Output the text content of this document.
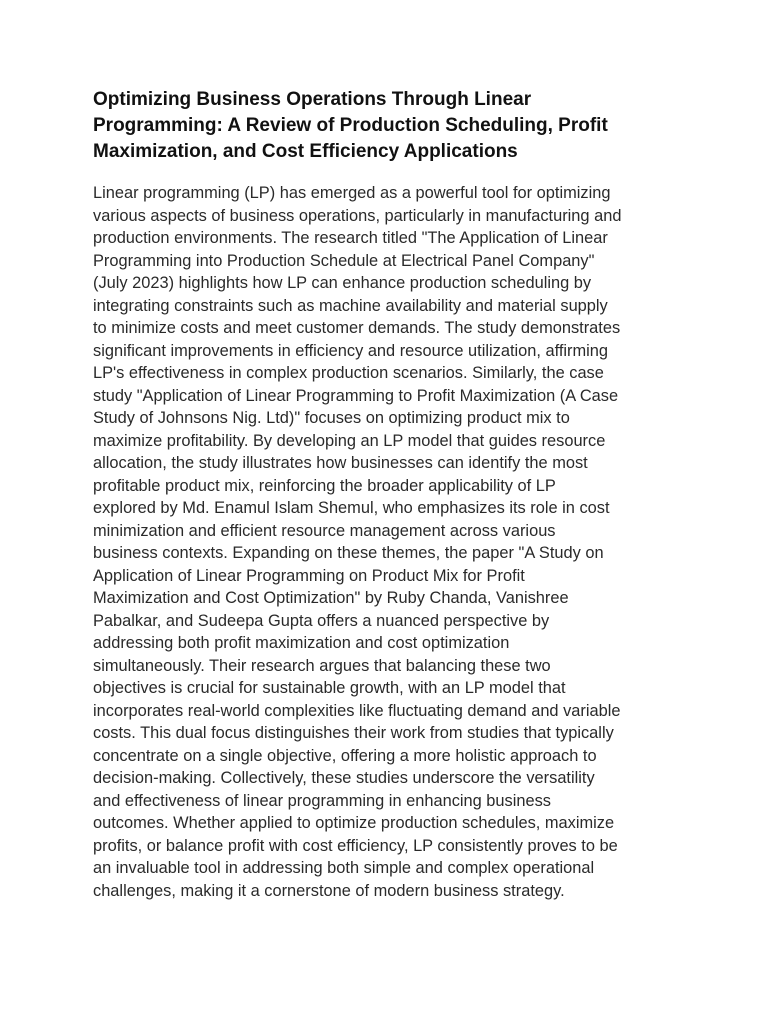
Optimizing Business Operations Through Linear
Programming: A Review of Production Scheduling, Profit
Maximization, and Cost Efficiency Applications

Linear programming (LP) has emerged as a powerful tool for optimizing
various aspects of business operations, particularly in manufacturing and
production environments. The research titled "The Application of Linear
Programming into Production Schedule at Electrical Panel Company"
(July 2023) highlights how LP can enhance production scheduling by
integrating constraints such as machine availability and material supply
to minimize costs and meet customer demands. The study demonstrates
significant improvements in efficiency and resource utilization, affirming
LP's effectiveness in complex production scenarios. Similarly, the case
study "Application of Linear Programming to Profit Maximization (A Case
Study of Johnsons Nig. Ltd)" focuses on optimizing product mix to
maximize profitability. By developing an LP model that guides resource
allocation, the study illustrates how businesses can identify the most
profitable product mix, reinforcing the broader applicability of LP
explored by Md. Enamul Islam Shemul, who emphasizes its role in cost
minimization and efficient resource management across various
business contexts. Expanding on these themes, the paper "A Study on
Application of Linear Programming on Product Mix for Profit
Maximization and Cost Optimization" by Ruby Chanda, Vanishree
Pabalkar, and Sudeepa Gupta offers a nuanced perspective by
addressing both profit maximization and cost optimization
simultaneously. Their research argues that balancing these two
objectives is crucial for sustainable growth, with an LP model that
incorporates real-world complexities like fluctuating demand and variable
costs. This dual focus distinguishes their work from studies that typically
concentrate on a single objective, offering a more holistic approach to
decision-making. Collectively, these studies underscore the versatility
and effectiveness of linear programming in enhancing business
outcomes. Whether applied to optimize production schedules, maximize
profits, or balance profit with cost efficiency, LP consistently proves to be
an invaluable tool in addressing both simple and complex operational
challenges, making it a cornerstone of modern business strategy.
